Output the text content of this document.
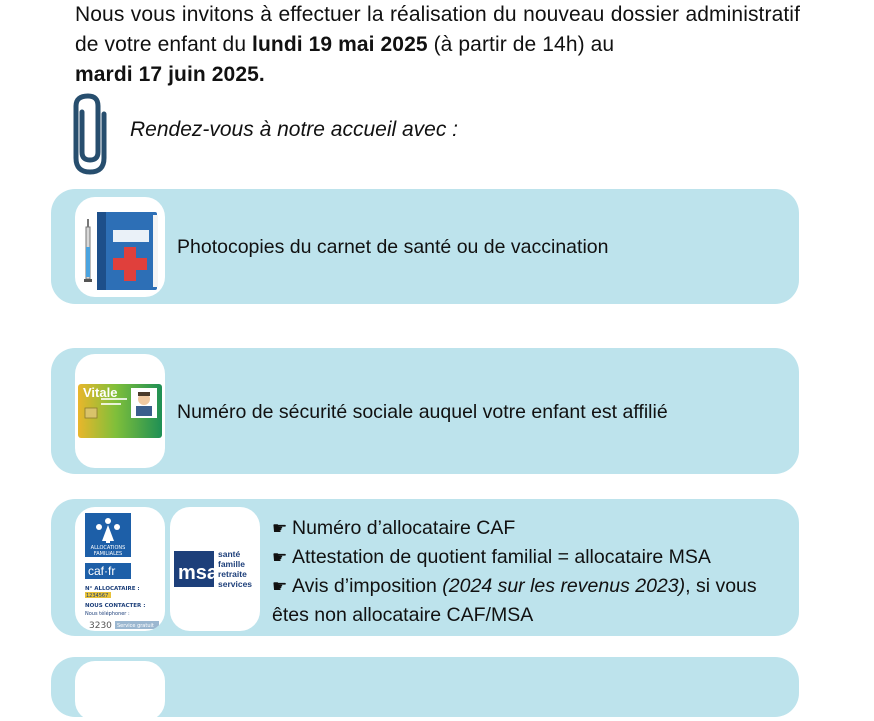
Nous vous invitons à effectuer la réalisation du nouveau dossier administratif de votre enfant du lundi 19 mai 2025 (à partir de 14h) au
mardi 17 juin 2025.
Rendez-vous à notre accueil avec :
Photocopies du carnet de santé ou de vaccination
Vitale
Numéro de sécurité sociale auquel votre enfant est affilié
ALLOCATIONS
FAMILIALES
caf·fr
N° ALLOCATAIRE :
1234567
NOUS CONTACTER :
Nous téléphoner :
3230 Service gratuit
msa
santé
famille
retraite
services
☛ Numéro d’allocataire CAF
☛ Attestation de quotient familial = allocataire MSA
☛ Avis d’imposition (2024 sur les revenus 2023), si vous
êtes non allocataire CAF/MSA
